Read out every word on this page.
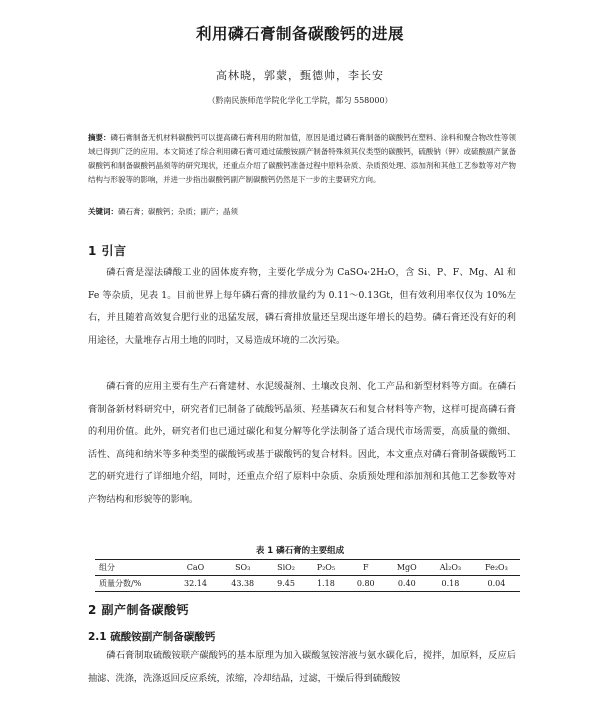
利用磷石膏制备碳酸钙的进展
高林晓，郭蒙，甄德帅，李长安
（黔南民族师范学院化学化工学院，都匀 558000）
摘要：磷石膏制备无机材料碳酸钙可以提高磷石膏利用的附加值，原因是通过磷石膏制备的碳酸钙在塑料、涂料和聚合物改性等领域已得到广泛的应用。本文简述了综合利用磷石膏可通过硫酸铵副产制备特殊须其仪类型的碳酸钙，硫酸钠（钾）或硫酸副产氯备碳酸钙和制备碳酸钙晶须等的研究现状，还重点介绍了碳酸钙准备过程中原料杂质、杂质预处理、添加剂和其他工艺参数等对产物结构与形貌等的影响，并进一步指出碳酸钙副产制碳酸钙仍然是下一步的主要研究方向。
关键词：磷石膏；碳酸钙；杂质；副产；晶须
1 引言
磷石膏是湿法磷酸工业的固体废弃物，主要化学成分为 CaSO₄·2H₂O，含 Si、P、F、Mg、Al 和 Fe 等杂质，见表 1。目前世界上每年磷石膏的排放量约为 0.11～0.13Gt，但有效利用率仅仅为 10%左右，并且随着高效复合肥行业的迅猛发展，磷石膏排放量还呈现出逐年增长的趋势。磷石膏还没有好的利用途径，大量堆存占用土地的同时，又易造成环境的二次污染。
磷石膏的应用主要有生产石膏建材、水泥缓凝剂、土壤改良剂、化工产品和新型材料等方面。在磷石膏制备新材料研究中，研究者们已制备了硫酸钙晶须、羟基磷灰石和复合材料等产物，这样可提高磷石膏的利用价值。此外，研究者们也已通过碳化和复分解等化学法制备了适合现代市场需要，高质量的微细、活性、高纯和纳米等多种类型的碳酸钙或基于碳酸钙的复合材料。因此，本文重点对磷石膏制备碳酸钙工艺的研究进行了详细地介绍，同时，还重点介绍了原料中杂质、杂质预处理和添加剂和其他工艺参数等对产物结构和形貌等的影响。
表 1 磷石膏的主要组成
组分	CaO	SO₃	SiO₂	P₂O₅	F	MgO	Al₂O₃	Fe₂O₃
质量分数/%	32.14	43.38	9.45	1.18	0.80	0.40	0.18	0.04
2 副产制备碳酸钙
2.1 硫酸铵副产制备碳酸钙
磷石膏制取硫酸铵联产碳酸钙的基本原理为加入碳酸氢铵溶液与氨水碳化后，搅拌，加原料，反应后抽滤、洗涤，洗涤返回反应系统，浓缩，冷却结晶，过滤，干燥后得到硫酸铵
